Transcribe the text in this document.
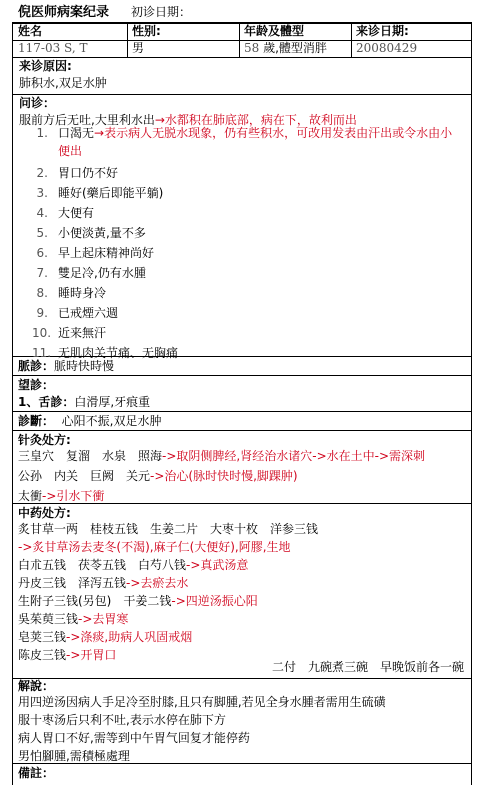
倪医师病案纪录 初诊日期：
姓名	性别:	年龄及體型	来诊日期:
117-03 S, T	男	58 歲,體型消胖 20080429
来诊原因:
肺积水,双足水肿
问诊：
服前方后无吐,大里利水出→水都积在肺底部，病在下，故利而出
1. 口渴无→表示病人无脱水现象，仍有些积水，可改用发表由汗出或令水由小便出
2. 胃口仍不好
3. 睡好(藥后即能平躺)
4. 大便有
5. 小便淡黃,量不多
6. 早上起床精神尚好
7. 雙足冷,仍有水腫
8. 睡時身冷
9. 已戒煙六週
10. 近来無汗
11. 无肌肉关节痛、无胸痛
脈診：脈時快時慢
望診：
1、舌診：白滑厚,牙痕重
診斷： 心阳不振,双足水肿
针灸处方:
三皇穴　复溜　水泉　照海->取阴侧脾经,肾经治水诸穴->水在土中->需深刺
公孙　内关　巨阙　关元->治心(脉时快时慢,脚踝肿)
太衝->引水下衝
中药处方:
炙甘草一两　桂枝五钱　生姜二片　大枣十枚　洋参三钱
->炙甘草汤去麦冬(不渴),麻子仁(大便好),阿膠,生地
白朮五钱　茯苓五钱　白芍八钱->真武汤意
丹皮三钱　泽泻五钱->去瘀去水
生附子三钱(另包)　干姜二钱->四逆汤振心阳
吳茱萸三钱->去胃寒
皂荚三钱->涤痰,助病人巩固戒烟
陈皮三钱->开胃口
二付　九碗煮三碗　早晚饭前各一碗
解說：
用四逆汤因病人手足冷至肘膝,且只有脚腫,若见全身水腫者需用生硫磺
服十枣汤后只利不吐,表示水停在肺下方
病人胃口不好,需等到中午胃气回复才能停药
男怕腳腫,需積極處理
備註：
